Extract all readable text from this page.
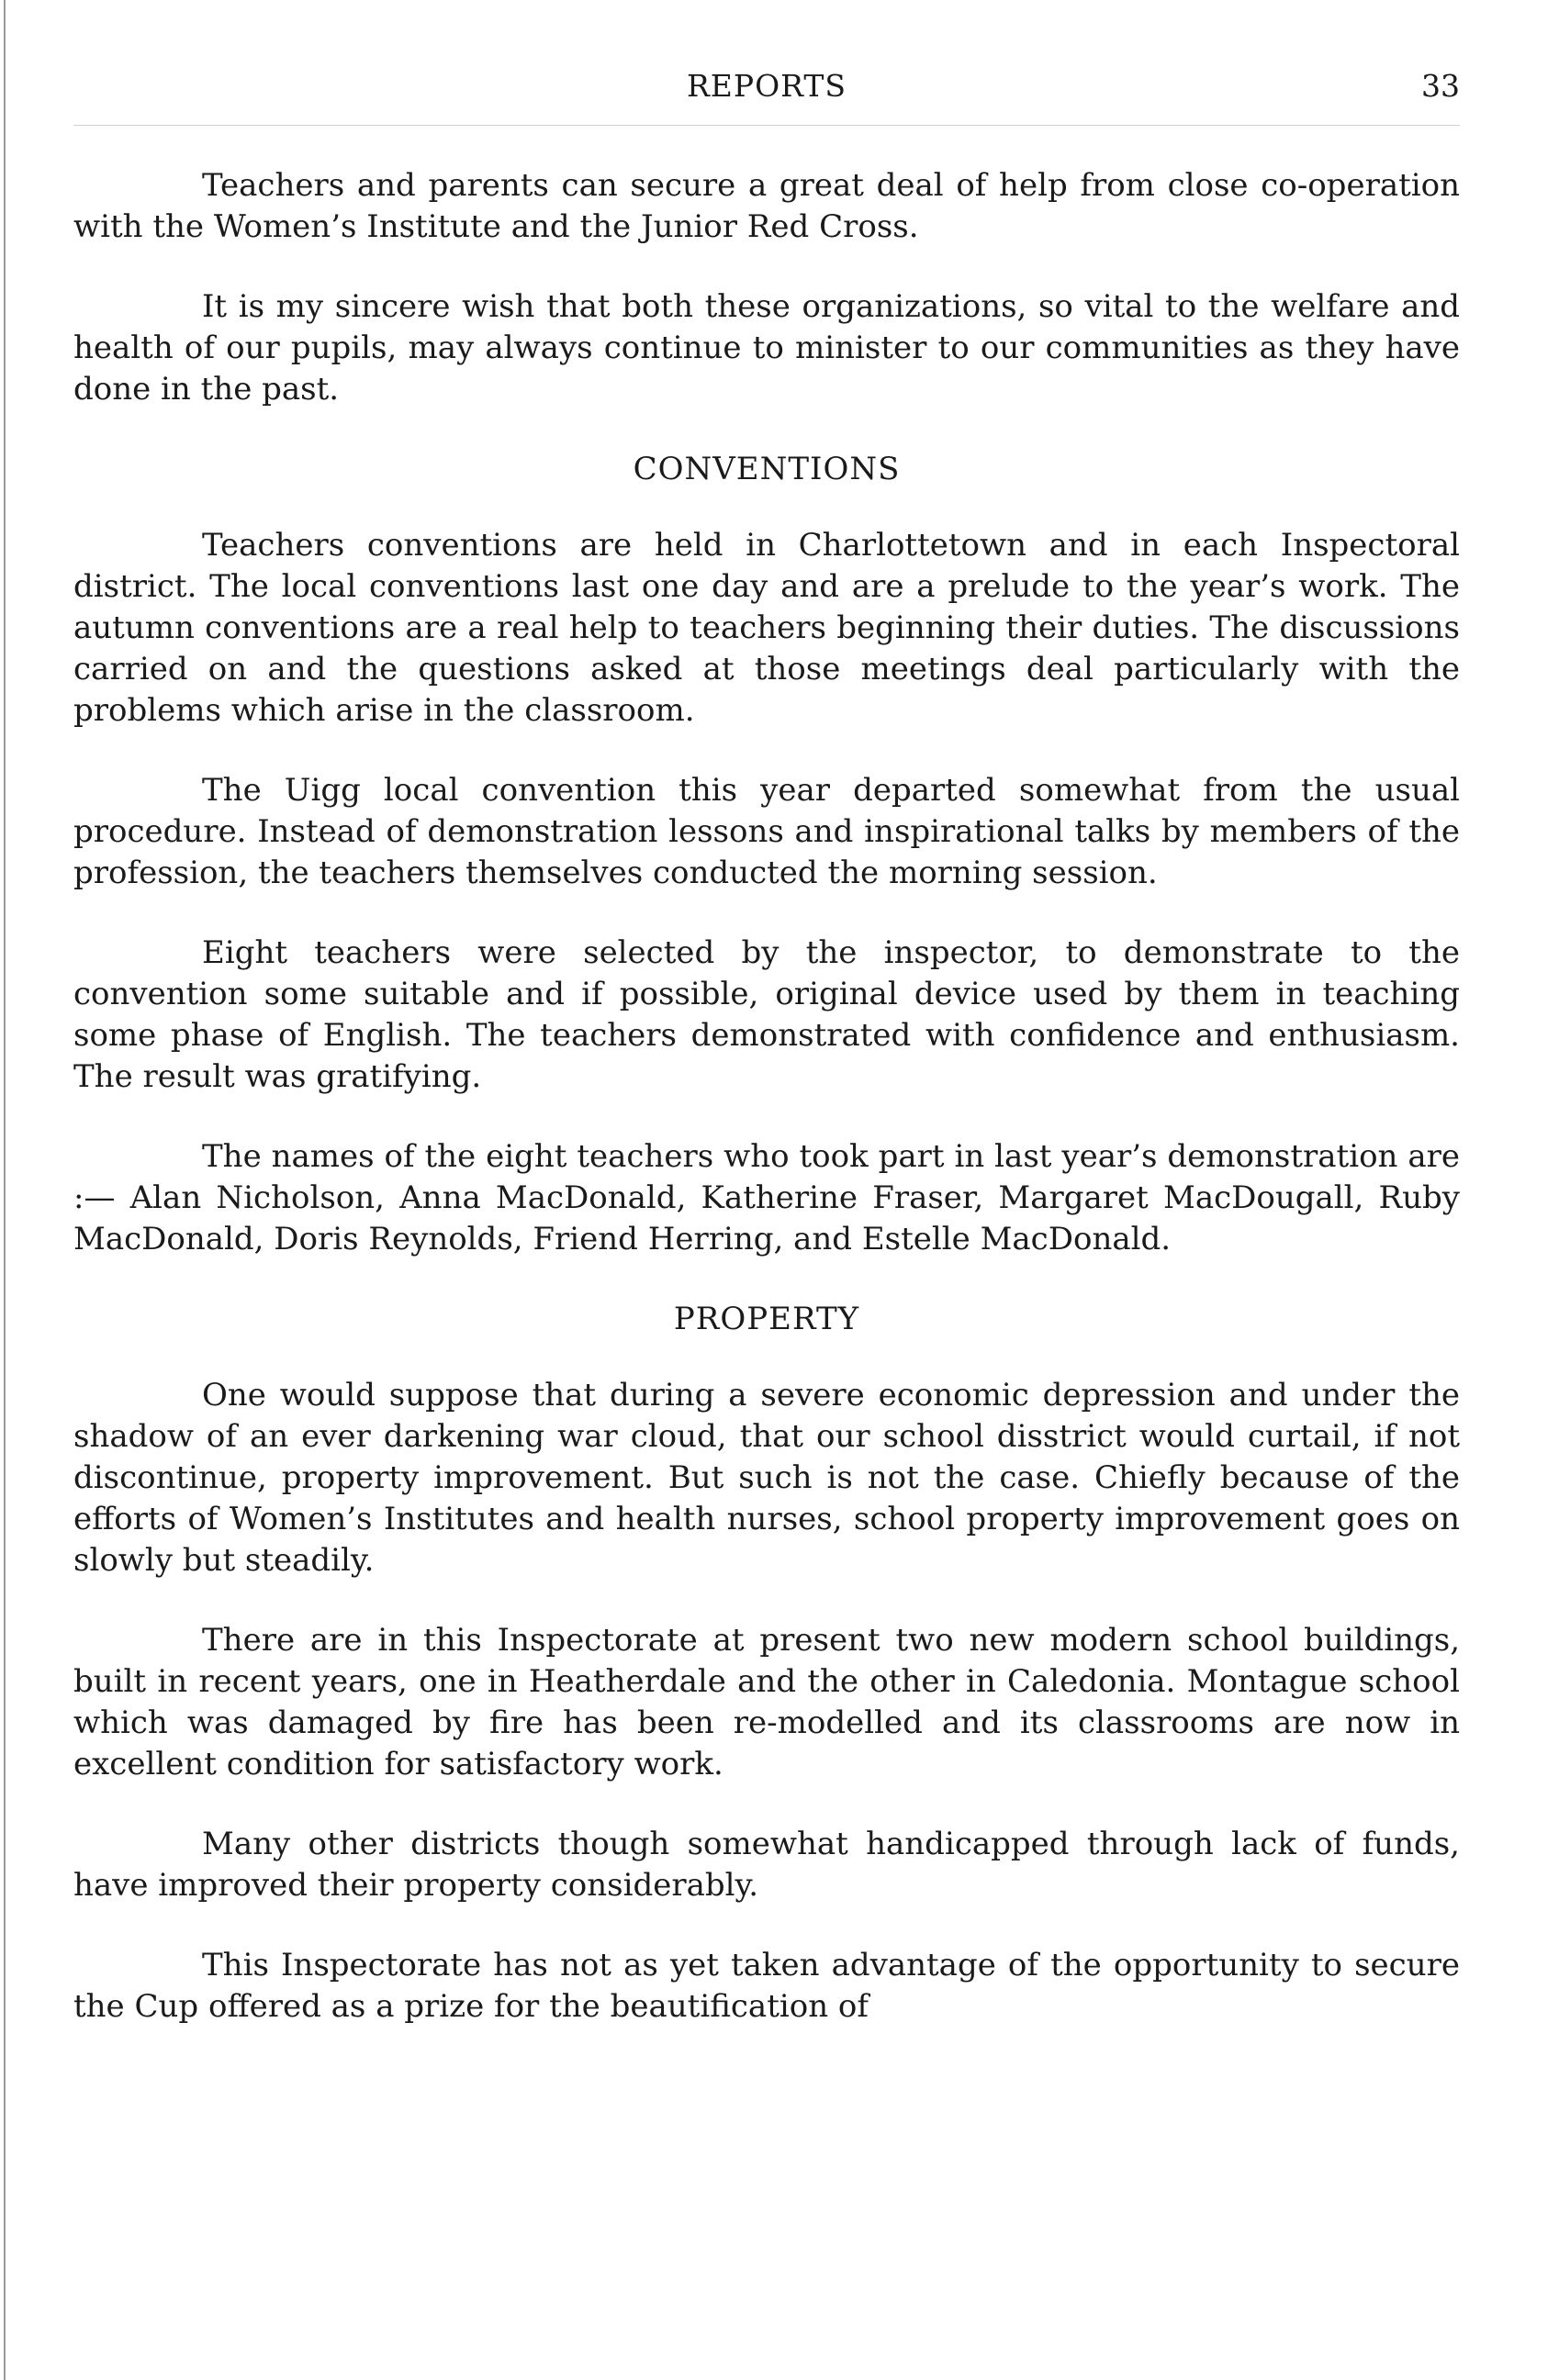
REPORTS	33

Teachers and parents can secure a great deal of help from close co-operation with the Women’s Institute and the Junior Red Cross.

It is my sincere wish that both these organizations, so vital to the welfare and health of our pupils, may always continue to minister to our communities as they have done in the past.

CONVENTIONS

Teachers conventions are held in Charlottetown and in each Inspectoral district. The local conventions last one day and are a prelude to the year’s work. The autumn conventions are a real help to teachers beginning their duties. The discussions carried on and the questions asked at those meetings deal particularly with the problems which arise in the classroom.

The Uigg local convention this year departed somewhat from the usual procedure. Instead of demonstration lessons and inspirational talks by members of the profession, the teachers themselves conducted the morning session.

Eight teachers were selected by the inspector, to demonstrate to the convention some suitable and if possible, original device used by them in teaching some phase of English. The teachers demonstrated with confidence and enthusiasm. The result was gratifying.

The names of the eight teachers who took part in last year’s demonstration are :— Alan Nicholson, Anna MacDonald, Katherine Fraser, Margaret MacDougall, Ruby MacDonald, Doris Reynolds, Friend Herring, and Estelle MacDonald.

PROPERTY

One would suppose that during a severe economic depression and under the shadow of an ever darkening war cloud, that our school disstrict would curtail, if not discontinue, property improvement. But such is not the case. Chiefly because of the efforts of Women’s Institutes and health nurses, school property improvement goes on slowly but steadily.

There are in this Inspectorate at present two new modern school buildings, built in recent years, one in Heatherdale and the other in Caledonia. Montague school which was damaged by fire has been re-modelled and its classrooms are now in excellent condition for satisfactory work.

Many other districts though somewhat handicapped through lack of funds, have improved their property considerably.

This Inspectorate has not as yet taken advantage of the opportunity to secure the Cup offered as a prize for the beautification of
